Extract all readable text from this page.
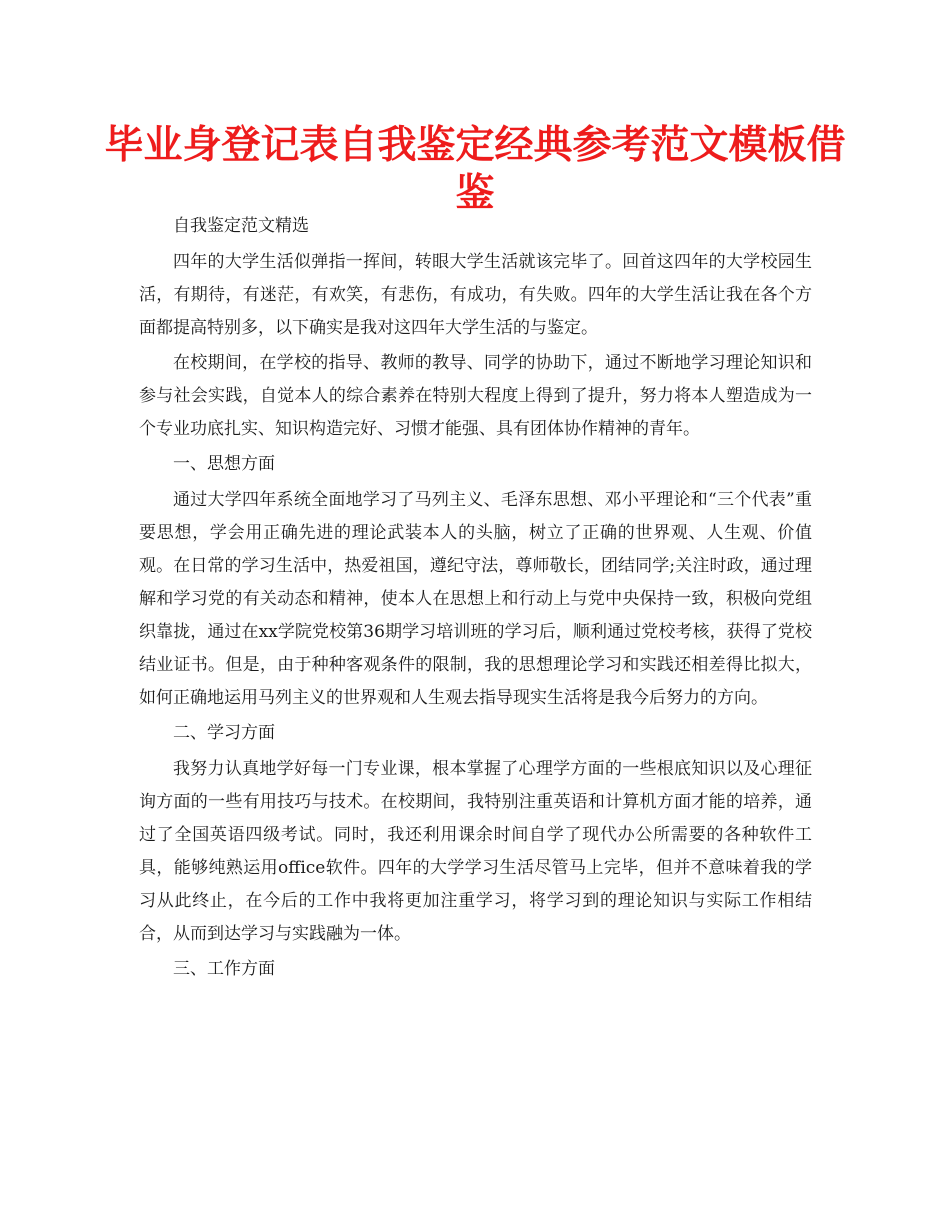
毕业身登记表自我鉴定经典参考范文模板借鉴

自我鉴定范文精选

四年的大学生活似弹指一挥间，转眼大学生活就该完毕了。回首这四年的大学校园生活，有期待，有迷茫，有欢笑，有悲伤，有成功，有失败。四年的大学生活让我在各个方面都提高特别多，以下确实是我对这四年大学生活的与鉴定。

在校期间，在学校的指导、教师的教导、同学的协助下，通过不断地学习理论知识和参与社会实践，自觉本人的综合素养在特别大程度上得到了提升，努力将本人塑造成为一个专业功底扎实、知识构造完好、习惯才能强、具有团体协作精神的青年。

一、思想方面

通过大学四年系统全面地学习了马列主义、毛泽东思想、邓小平理论和“三个代表”重要思想，学会用正确先进的理论武装本人的头脑，树立了正确的世界观、人生观、价值观。在日常的学习生活中，热爱祖国，遵纪守法，尊师敬长，团结同学;关注时政，通过理解和学习党的有关动态和精神，使本人在思想上和行动上与党中央保持一致，积极向党组织靠拢，通过在xx学院党校第36期学习培训班的学习后，顺利通过党校考核，获得了党校结业证书。但是，由于种种客观条件的限制，我的思想理论学习和实践还相差得比拟大，如何正确地运用马列主义的世界观和人生观去指导现实生活将是我今后努力的方向。

二、学习方面

我努力认真地学好每一门专业课，根本掌握了心理学方面的一些根底知识以及心理征询方面的一些有用技巧与技术。在校期间，我特别注重英语和计算机方面才能的培养，通过了全国英语四级考试。同时，我还利用课余时间自学了现代办公所需要的各种软件工具，能够纯熟运用office软件。四年的大学学习生活尽管马上完毕，但并不意味着我的学习从此终止，在今后的工作中我将更加注重学习，将学习到的理论知识与实际工作相结合，从而到达学习与实践融为一体。

三、工作方面
